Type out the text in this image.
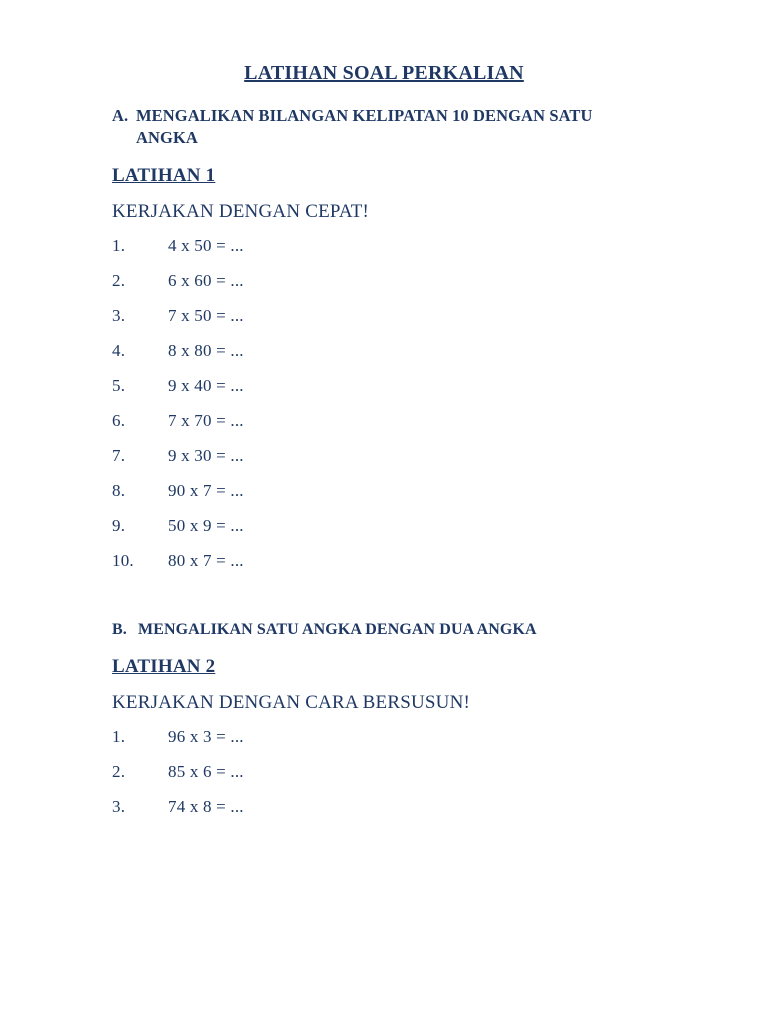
LATIHAN SOAL PERKALIAN
A. MENGALIKAN BILANGAN KELIPATAN 10 DENGAN SATU ANGKA
LATIHAN 1
KERJAKAN DENGAN CEPAT!
1.	4 x 50 = ...
2.	6 x 60 = ...
3.	7 x 50 = ...
4.	8 x 80 = ...
5.	9 x 40 = ...
6.	7 x 70 = ...
7.	9 x 30 = ...
8.	90 x 7 = ...
9.	50 x 9 = ...
10.	80 x 7 = ...
B. MENGALIKAN SATU ANGKA DENGAN DUA ANGKA
LATIHAN 2
KERJAKAN DENGAN CARA BERSUSUN!
1.	96 x 3 = ...
2.	85 x 6 = ...
3.	74 x 8 = ...
